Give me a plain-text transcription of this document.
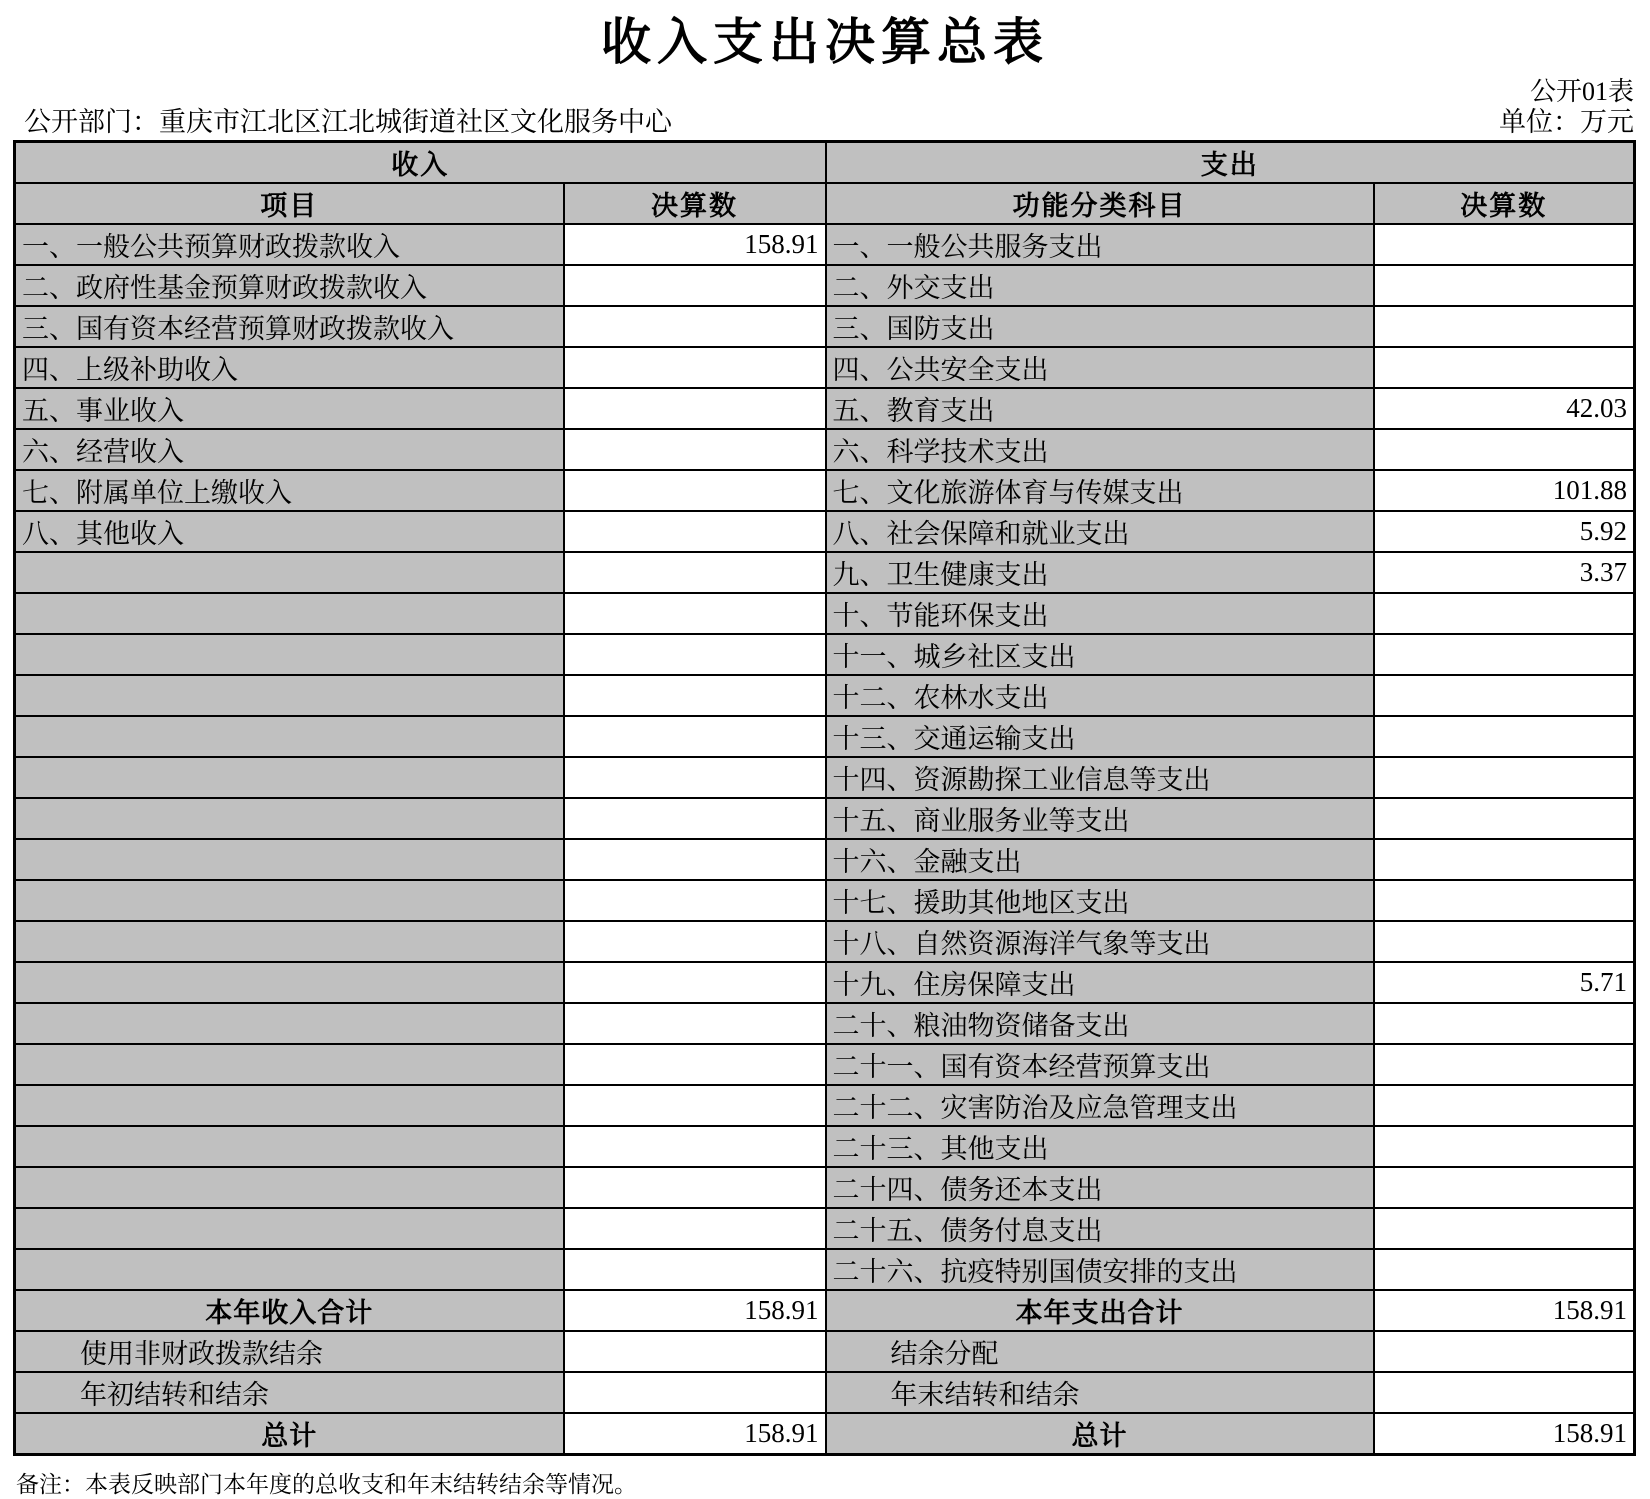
收入支出决算总表
公开01表
公开部门：重庆市江北区江北城街道社区文化服务中心	单位：万元
收入		支出	
项目	决算数	功能分类科目	决算数
一、一般公共预算财政拨款收入	158.91	一、一般公共服务支出	
二、政府性基金预算财政拨款收入		二、外交支出	
三、国有资本经营预算财政拨款收入		三、国防支出	
四、上级补助收入		四、公共安全支出	
五、事业收入		五、教育支出	42.03
六、经营收入		六、科学技术支出	
七、附属单位上缴收入		七、文化旅游体育与传媒支出	101.88
八、其他收入		八、社会保障和就业支出	5.92
		九、卫生健康支出	3.37
		十、节能环保支出	
		十一、城乡社区支出	
		十二、农林水支出	
		十三、交通运输支出	
		十四、资源勘探工业信息等支出	
		十五、商业服务业等支出	
		十六、金融支出	
		十七、援助其他地区支出	
		十八、自然资源海洋气象等支出	
		十九、住房保障支出	5.71
		二十、粮油物资储备支出	
		二十一、国有资本经营预算支出	
		二十二、灾害防治及应急管理支出	
		二十三、其他支出	
		二十四、债务还本支出	
		二十五、债务付息支出	
		二十六、抗疫特别国债安排的支出	
本年收入合计	158.91	本年支出合计	158.91
使用非财政拨款结余		结余分配	
年初结转和结余		年末结转和结余	
总计	158.91	总计	158.91
备注：本表反映部门本年度的总收支和年末结转结余等情况。
